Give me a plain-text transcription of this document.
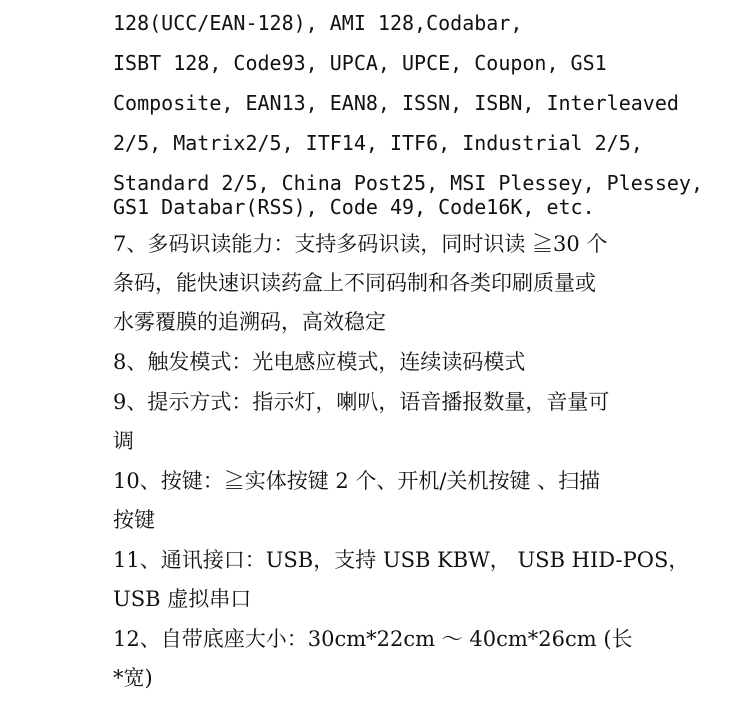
128(UCC/EAN-128), AMI 128,Codabar,
ISBT 128, Code93, UPCA, UPCE, Coupon, GS1
Composite, EAN13, EAN8, ISSN, ISBN, Interleaved
2/5, Matrix2/5, ITF14, ITF6, Industrial 2/5,
Standard 2/5, China Post25, MSI Plessey, Plessey,
GS1 Databar(RSS), Code 49, Code16K, etc.
7、多码识读能力：支持多码识读，同时识读 ≧30 个
条码，能快速识读药盒上不同码制和各类印刷质量或
水雾覆膜的追溯码，高效稳定
8、触发模式：光电感应模式，连续读码模式
9、提示方式：指示灯，喇叭，语音播报数量，音量可
调
10、按键：≧实体按键 2 个、开机/关机按键 、扫描
按键
11、通讯接口：USB，支持 USB KBW， USB HID-POS，
USB 虚拟串口
12、自带底座大小：30cm*22cm ～ 40cm*26cm (长
*宽)
